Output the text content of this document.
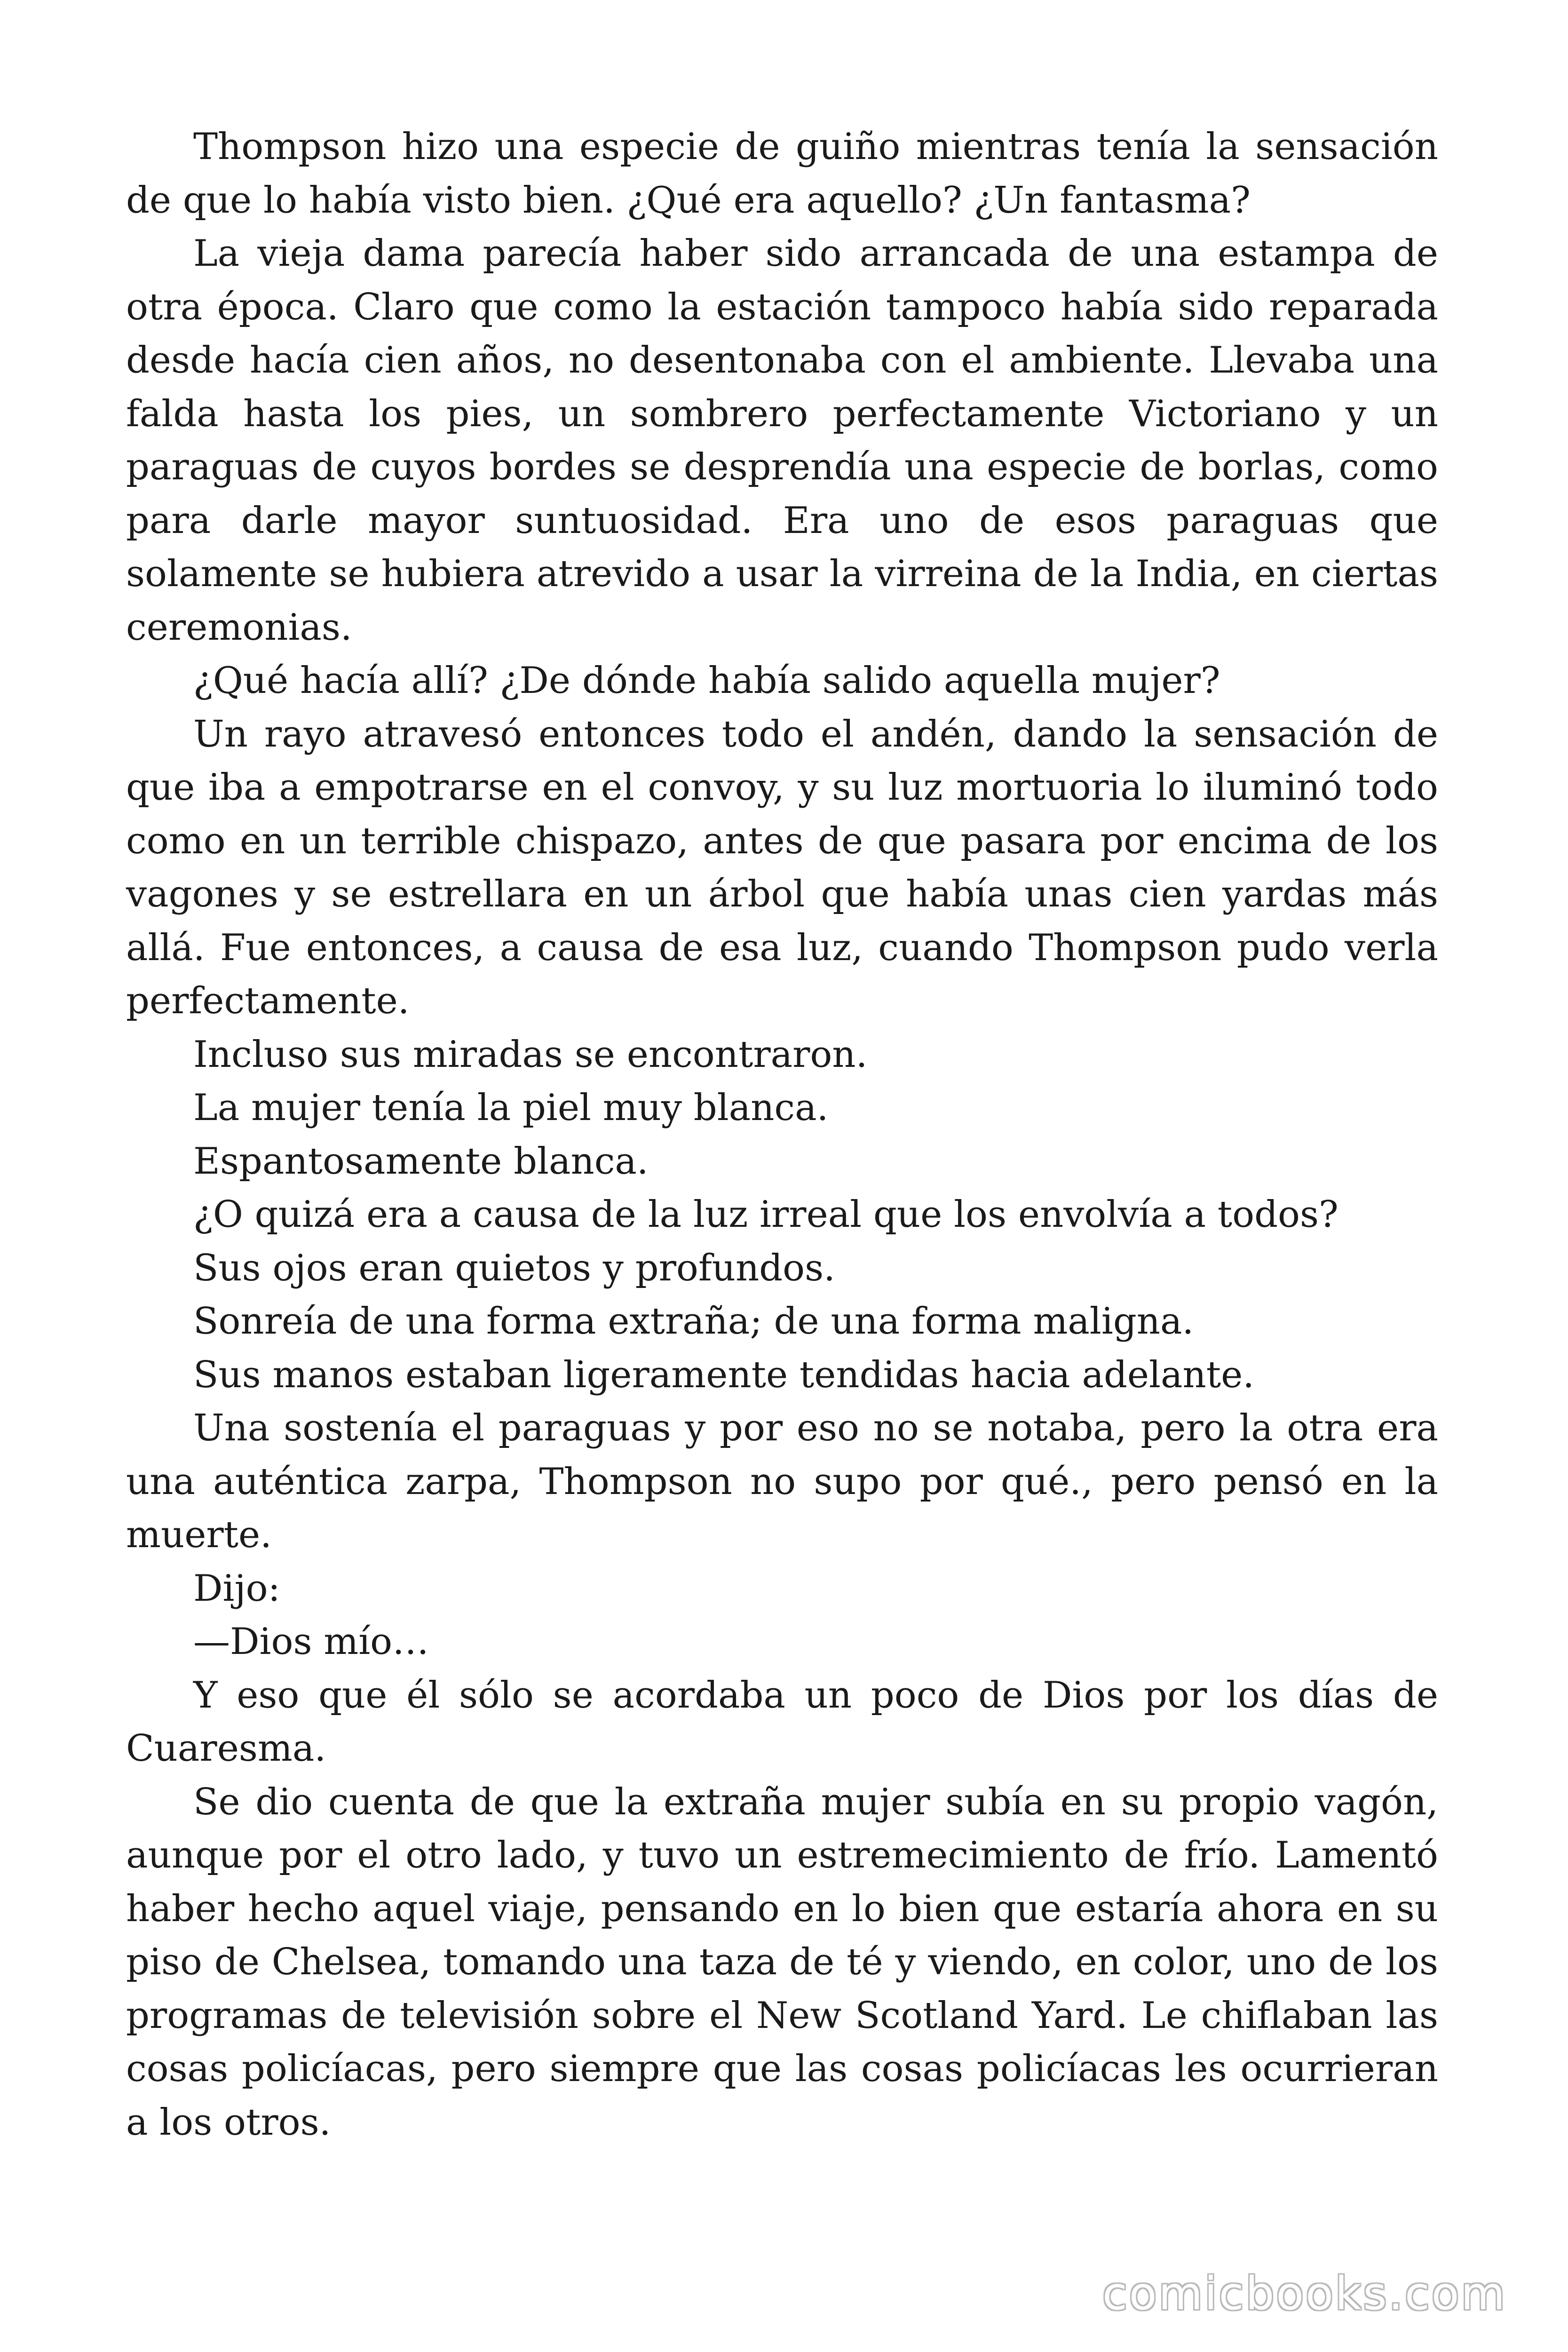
Thompson hizo una especie de guiño mientras tenía la sensación de que lo había visto bien. ¿Qué era aquello? ¿Un fantasma?

La vieja dama parecía haber sido arrancada de una estampa de otra época. Claro que como la estación tampoco había sido reparada desde hacía cien años, no desentonaba con el ambiente. Llevaba una falda hasta los pies, un sombrero perfectamente Victoriano y un paraguas de cuyos bordes se desprendía una especie de borlas, como para darle mayor suntuosidad. Era uno de esos paraguas que solamente se hubiera atrevido a usar la virreina de la India, en ciertas ceremonias.

¿Qué hacía allí? ¿De dónde había salido aquella mujer?

Un rayo atravesó entonces todo el andén, dando la sensación de que iba a empotrarse en el convoy, y su luz mortuoria lo iluminó todo como en un terrible chispazo, antes de que pasara por encima de los vagones y se estrellara en un árbol que había unas cien yardas más allá. Fue entonces, a causa de esa luz, cuando Thompson pudo verla perfectamente.

Incluso sus miradas se encontraron.

La mujer tenía la piel muy blanca.

Espantosamente blanca.

¿O quizá era a causa de la luz irreal que los envolvía a todos?

Sus ojos eran quietos y profundos.

Sonreía de una forma extraña; de una forma maligna.

Sus manos estaban ligeramente tendidas hacia adelante.

Una sostenía el paraguas y por eso no se notaba, pero la otra era una auténtica zarpa, Thompson no supo por qué., pero pensó en la muerte.

Dijo:

—Dios mío…

Y eso que él sólo se acordaba un poco de Dios por los días de Cuaresma.

Se dio cuenta de que la extraña mujer subía en su propio vagón, aunque por el otro lado, y tuvo un estremecimiento de frío. Lamentó haber hecho aquel viaje, pensando en lo bien que estaría ahora en su piso de Chelsea, tomando una taza de té y viendo, en color, uno de los programas de televisión sobre el New Scotland Yard. Le chiflaban las cosas policíacas, pero siempre que las cosas policíacas les ocurrieran a los otros.

comicbooks.com
